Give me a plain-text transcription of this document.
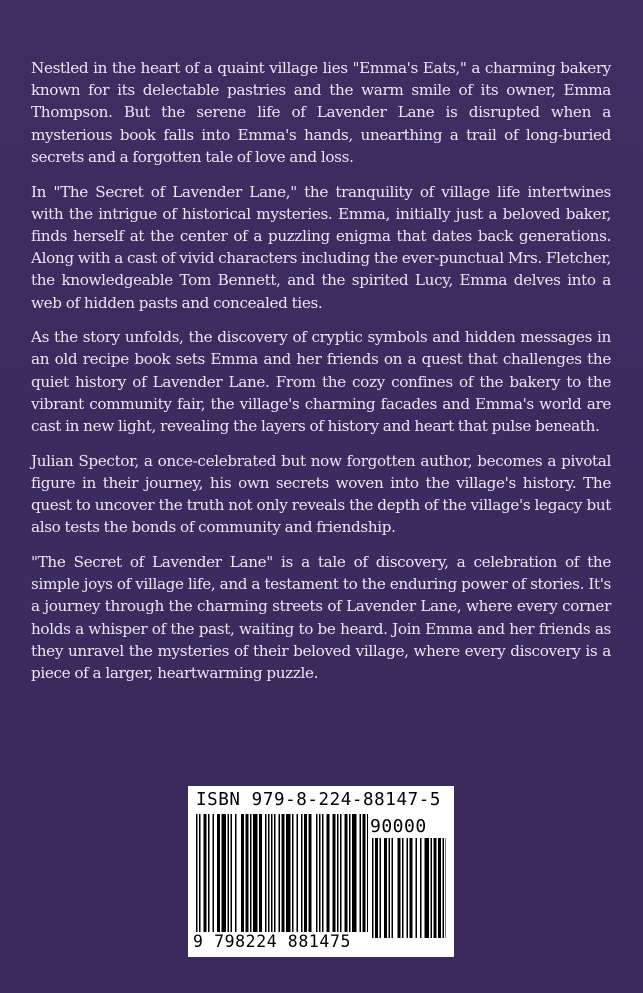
Nestled in the heart of a quaint village lies "Emma's Eats," a charming bakery known for its delectable pastries and the warm smile of its owner, Emma Thompson. But the serene life of Lavender Lane is disrupted when a mysterious book falls into Emma's hands, unearthing a trail of long-buried secrets and a forgotten tale of love and loss.

In "The Secret of Lavender Lane," the tranquility of village life intertwines with the intrigue of historical mysteries. Emma, initially just a beloved baker, finds herself at the center of a puzzling enigma that dates back generations. Along with a cast of vivid characters including the ever-punctual Mrs. Fletcher, the knowledgeable Tom Bennett, and the spirited Lucy, Emma delves into a web of hidden pasts and concealed ties.

As the story unfolds, the discovery of cryptic symbols and hidden messages in an old recipe book sets Emma and her friends on a quest that challenges the quiet history of Lavender Lane. From the cozy confines of the bakery to the vibrant community fair, the village's charming facades and Emma's world are cast in new light, revealing the layers of history and heart that pulse beneath.

Julian Spector, a once-celebrated but now forgotten author, becomes a pivotal figure in their journey, his own secrets woven into the village's history. The quest to uncover the truth not only reveals the depth of the village's legacy but also tests the bonds of community and friendship.

"The Secret of Lavender Lane" is a tale of discovery, a celebration of the simple joys of village life, and a testament to the enduring power of stories. It's a journey through the charming streets of Lavender Lane, where every corner holds a whisper of the past, waiting to be heard. Join Emma and her friends as they unravel the mysteries of their beloved village, where every discovery is a piece of a larger, heartwarming puzzle.

ISBN 979-8-224-88147-5
90000
9 798224 881475
